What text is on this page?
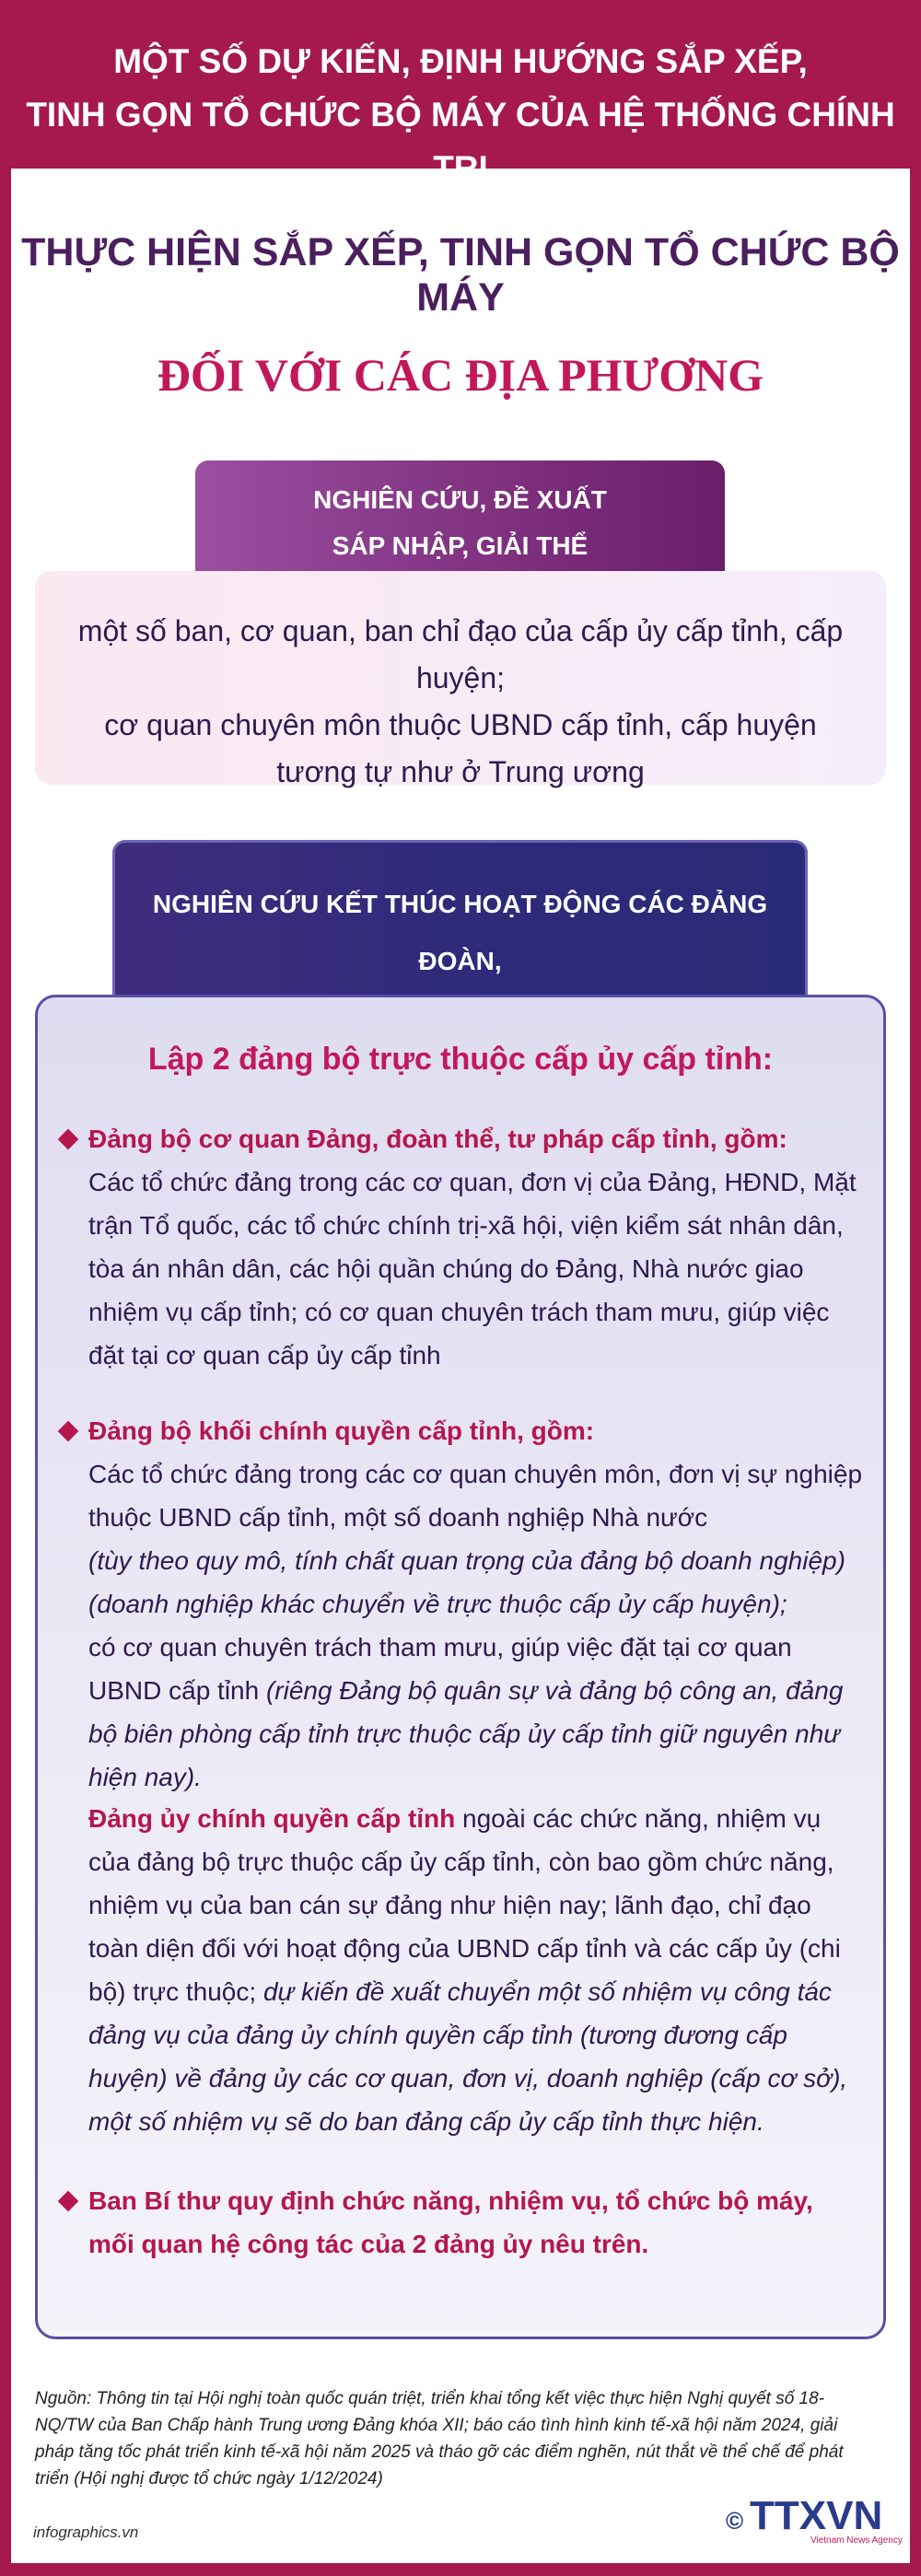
MỘT SỐ DỰ KIẾN, ĐỊNH HƯỚNG SẮP XẾP,
TINH GỌN TỔ CHỨC BỘ MÁY CỦA HỆ THỐNG CHÍNH TRỊ
THỰC HIỆN SẮP XẾP, TINH GỌN TỔ CHỨC BỘ MÁY
ĐỐI VỚI CÁC ĐỊA PHƯƠNG
NGHIÊN CỨU, ĐỀ XUẤT
SÁP NHẬP, GIẢI THỂ
một số ban, cơ quan, ban chỉ đạo của cấp ủy cấp tỉnh, cấp huyện;
cơ quan chuyên môn thuộc UBND cấp tỉnh, cấp huyện
tương tự như ở Trung ương
NGHIÊN CỨU KẾT THÚC HOẠT ĐỘNG CÁC ĐẢNG ĐOÀN,
Lập 2 đảng bộ trực thuộc cấp ủy cấp tỉnh:
Đảng bộ cơ quan Đảng, đoàn thể, tư pháp cấp tỉnh, gồm:
Các tổ chức đảng trong các cơ quan, đơn vị của Đảng, HĐND, Mặt trận Tổ quốc, các tổ chức chính trị-xã hội, viện kiểm sát nhân dân, tòa án nhân dân, các hội quần chúng do Đảng, Nhà nước giao nhiệm vụ cấp tỉnh; có cơ quan chuyên trách tham mưu, giúp việc đặt tại cơ quan cấp ủy cấp tỉnh
Đảng bộ khối chính quyền cấp tỉnh, gồm:
Các tổ chức đảng trong các cơ quan chuyên môn, đơn vị sự nghiệp thuộc UBND cấp tỉnh, một số doanh nghiệp Nhà nước
(tùy theo quy mô, tính chất quan trọng của đảng bộ doanh nghiệp) (doanh nghiệp khác chuyển về trực thuộc cấp ủy cấp huyện);
có cơ quan chuyên trách tham mưu, giúp việc đặt tại cơ quan UBND cấp tỉnh (riêng Đảng bộ quân sự và đảng bộ công an, đảng bộ biên phòng cấp tỉnh trực thuộc cấp ủy cấp tỉnh giữ nguyên như hiện nay).
Đảng ủy chính quyền cấp tỉnh ngoài các chức năng, nhiệm vụ của đảng bộ trực thuộc cấp ủy cấp tỉnh, còn bao gồm chức năng, nhiệm vụ của ban cán sự đảng như hiện nay; lãnh đạo, chỉ đạo toàn diện đối với hoạt động của UBND cấp tỉnh và các cấp ủy (chi bộ) trực thuộc; dự kiến đề xuất chuyển một số nhiệm vụ công tác đảng vụ của đảng ủy chính quyền cấp tỉnh (tương đương cấp huyện) về đảng ủy các cơ quan, đơn vị, doanh nghiệp (cấp cơ sở), một số nhiệm vụ sẽ do ban đảng cấp ủy cấp tỉnh thực hiện.
Ban Bí thư quy định chức năng, nhiệm vụ, tổ chức bộ máy, mối quan hệ công tác của 2 đảng ủy nêu trên.
Nguồn: Thông tin tại Hội nghị toàn quốc quán triệt, triển khai tổng kết việc thực hiện Nghị quyết số 18-NQ/TW của Ban Chấp hành Trung ương Đảng khóa XII; báo cáo tình hình kinh tế-xã hội năm 2024, giải pháp tăng tốc phát triển kinh tế-xã hội năm 2025 và tháo gỡ các điểm nghẽn, nút thắt về thể chế để phát triển (Hội nghị được tổ chức ngày 1/12/2024)
infographics.vn	© TTXVN
Vietnam News Agency
